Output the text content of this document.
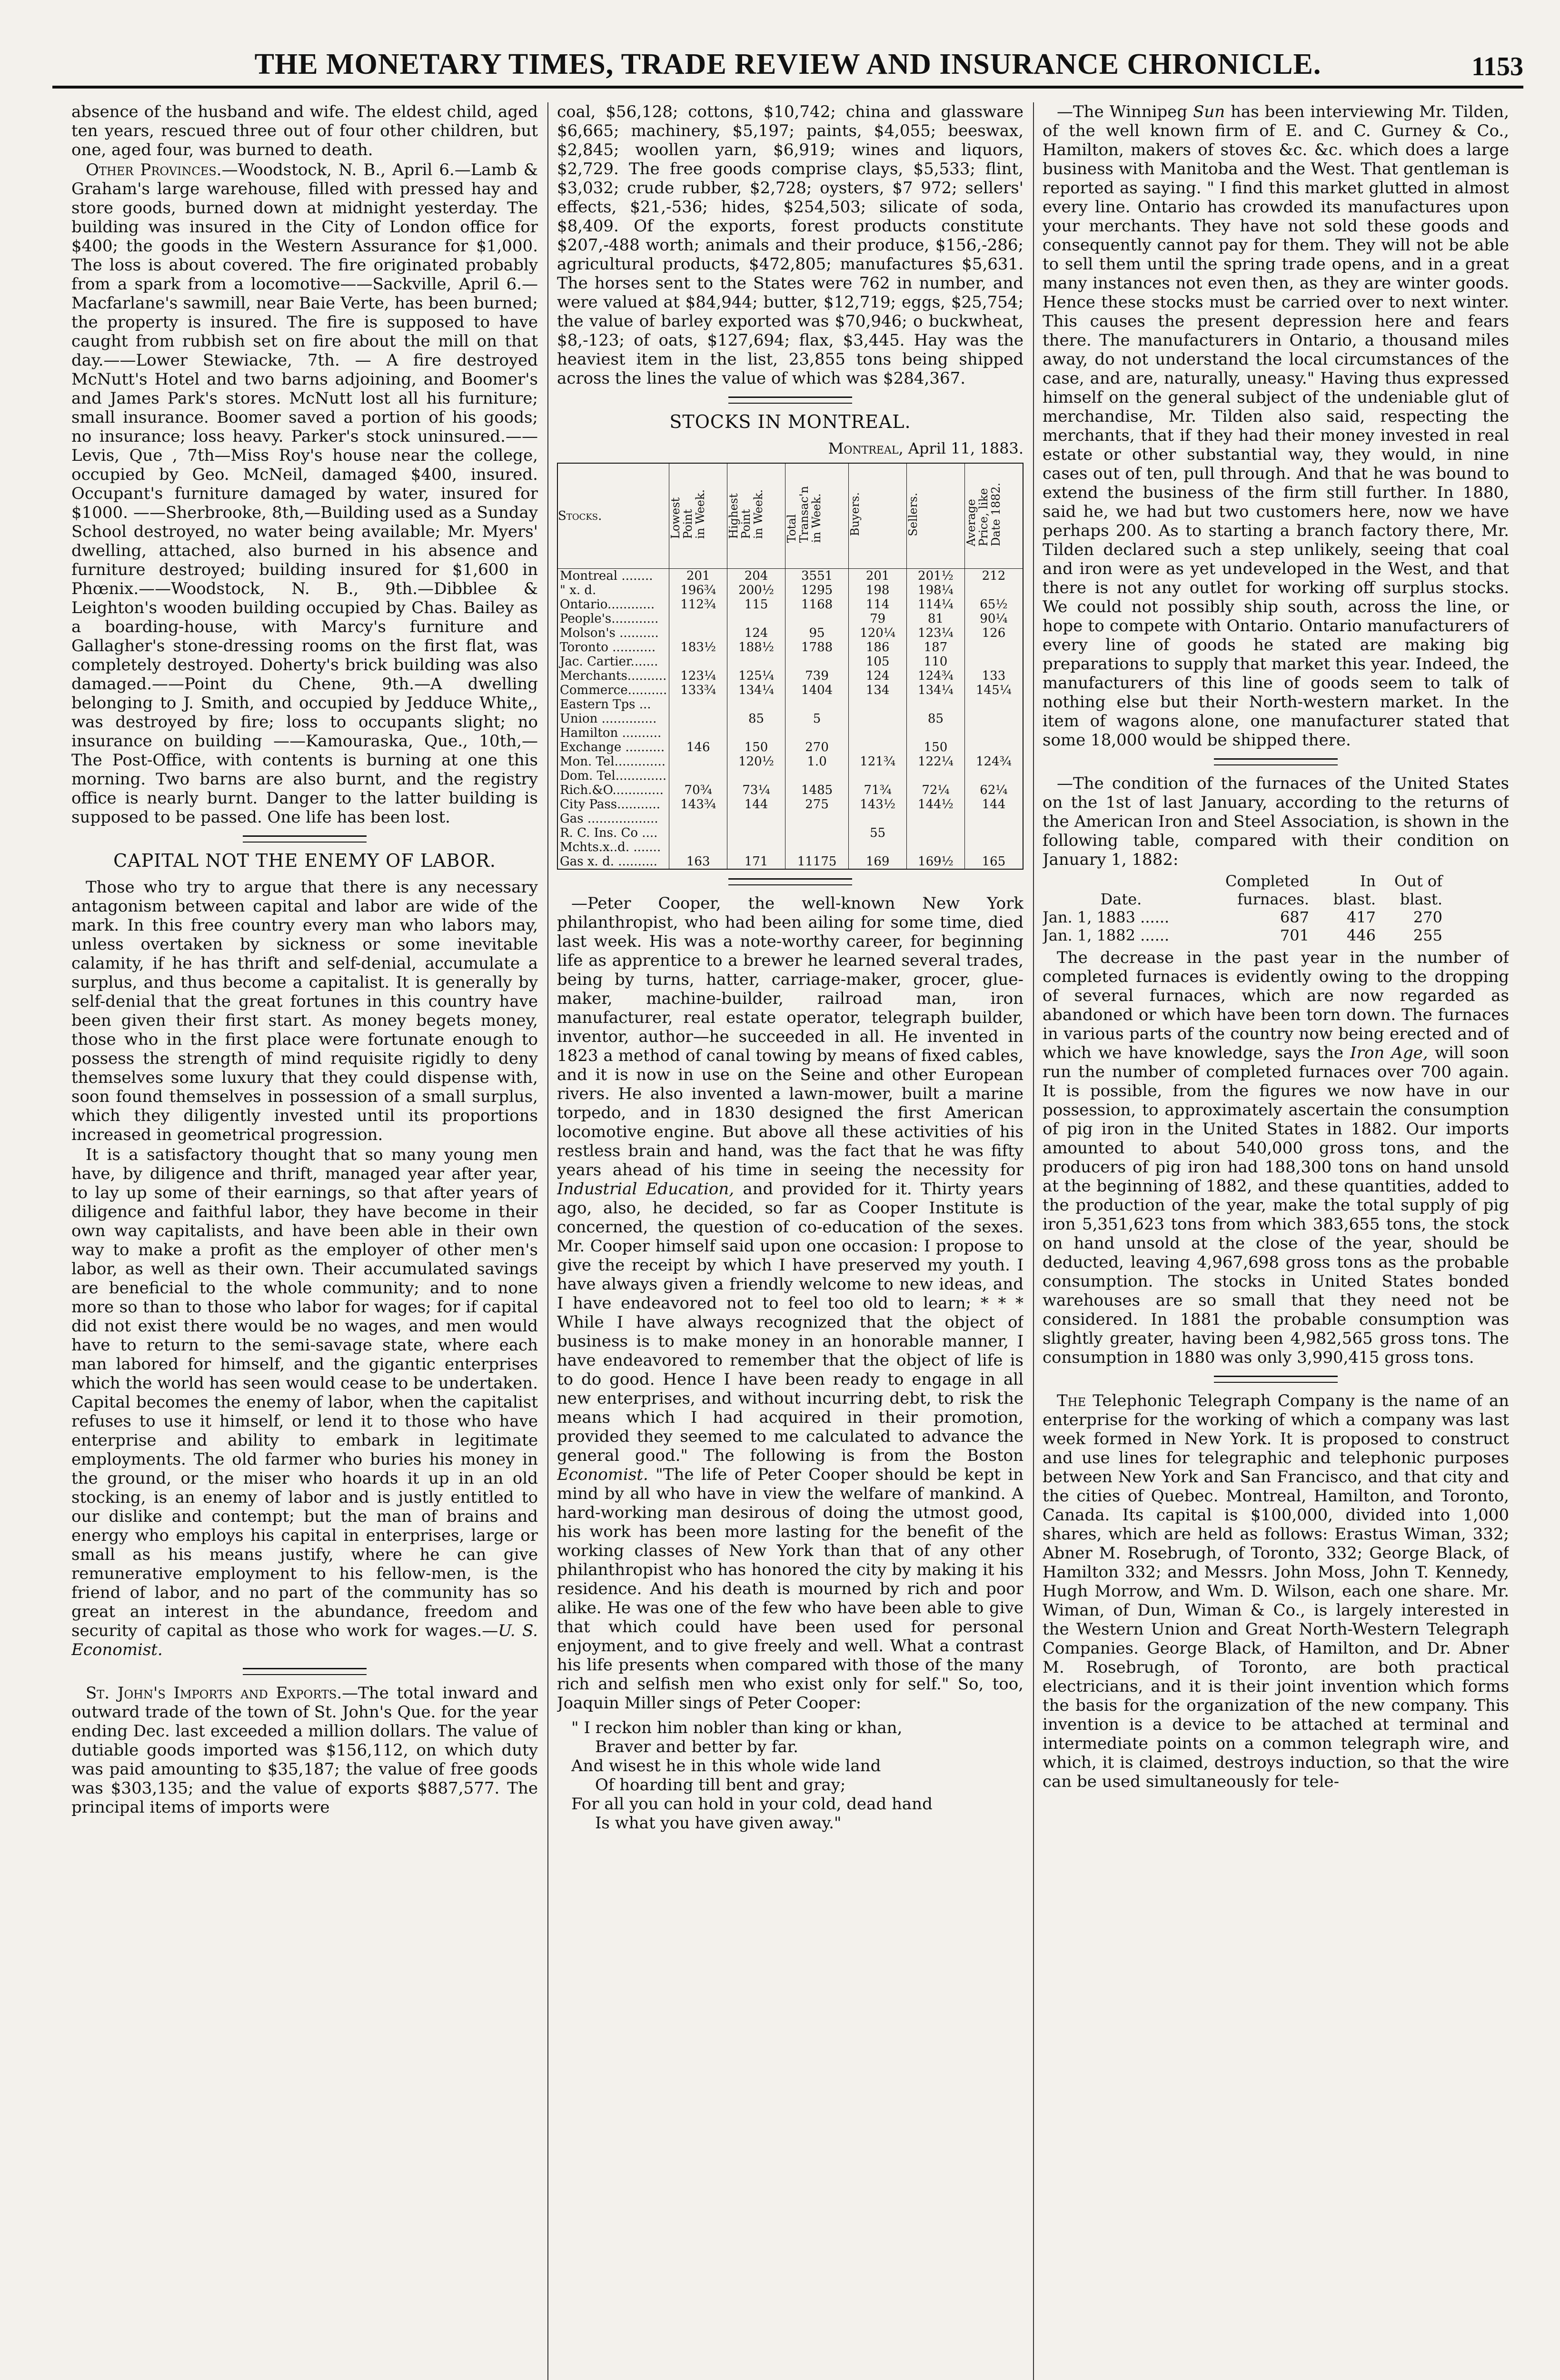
THE MONETARY TIMES, TRADE REVIEW AND INSURANCE CHRONICLE.	1153

absence of the husband and wife. The eldest child, aged ten years, rescued three out of four other children, but one, aged four, was burned to death.

Other Provinces.—Woodstock, N. B., April 6.—Lamb & Graham's large warehouse, filled with pressed hay and store goods, burned down at midnight yesterday. The building was insured in the City of London office for $400; the goods in the Western Assurance for $1,000. The loss is about covered. The fire originated probably from a spark from a locomotive——Sackville, April 6.—Macfarlane's sawmill, near Baie Verte, has been burned; the property is insured. The fire is supposed to have caught from rubbish set on fire about the mill on that day.——Lower Stewiacke, 7th. — A fire destroyed McNutt's Hotel and two barns adjoining, and Boomer's and James Park's stores. McNutt lost all his furniture; small insurance. Boomer saved a portion of his goods; no insurance; loss heavy. Parker's stock uninsured.——Levis, Que , 7th—Miss Roy's house near the college, occupied by Geo. McNeil, damaged $400, insured. Occupant's furniture damaged by water, insured for $1000. ——Sherbrooke, 8th,—Building used as a Sunday School destroyed, no water being available; Mr. Myers' dwelling, attached, also burned in his absence and furniture destroyed; building insured for $1,600 in Phœnix.——Woodstock, N. B., 9th.—Dibblee & Leighton's wooden building occupied by Chas. Bailey as a boarding-house, with Marcy's furniture and Gallagher's stone-dressing rooms on the first flat, was completely destroyed. Doherty's brick building was also damaged.——Point du Chene, 9th.—A dwelling belonging to J. Smith, and occupied by Jedduce White,, was destroyed by fire; loss to occupants slight; no insurance on building ——Kamouraska, Que., 10th,—The Post-Office, with contents is burning at one this morning. Two barns are also burnt, and the registry office is nearly burnt. Danger to the latter building is supposed to be passed. One life has been lost.

CAPITAL NOT THE ENEMY OF LABOR.

Those who try to argue that there is any necessary antagonism between capital and labor are wide of the mark. In this free country every man who labors may, unless overtaken by sickness or some inevitable calamity, if he has thrift and self-denial, accumulate a surplus, and thus become a capitalist. It is generally by self-denial that the great fortunes in this country have been given their first start. As money begets money, those who in the first place were fortunate enough to possess the strength of mind requisite rigidly to deny themselves some luxury that they could dispense with, soon found themselves in possession of a small surplus, which they diligently invested until its proportions increased in geometrical progression.

It is a satisfactory thought that so many young men have, by diligence and thrift, managed year after year, to lay up some of their earnings, so that after years of diligence and faithful labor, they have become in their own way capitalists, and have been able in their own way to make a profit as the employer of other men's labor, as well as their own. Their accumulated savings are beneficial to the whole community; and to none more so than to those who labor for wages; for if capital did not exist there would be no wages, and men would have to return to the semi-savage state, where each man labored for himself, and the gigantic enterprises which the world has seen would cease to be undertaken. Capital becomes the enemy of labor, when the capitalist refuses to use it himself, or lend it to those who have enterprise and ability to embark in legitimate employments. The old farmer who buries his money in the ground, or the miser who hoards it up in an old stocking, is an enemy of labor and is justly entitled to our dislike and contempt; but the man of brains and energy who employs his capital in enterprises, large or small as his means justify, where he can give remunerative employment to his fellow-men, is the friend of labor, and no part of the community has so great an interest in the abundance, freedom and security of capital as those who work for wages.—U. S. Economist.

St. John's Imports and Exports.—The total inward and outward trade of the town of St. John's Que. for the year ending Dec. last exceeded a million dollars. The value of dutiable goods imported was $156,112, on which duty was paid amounting to $35,187; the value of free goods was $303,135; and the value of exports $887,577. The principal items of imports were

coal, $56,128; cottons, $10,742; china and glassware $6,665; machinery, $5,197; paints, $4,055; beeswax, $2,845; woollen yarn, $6,919; wines and liquors, $2,729. The free goods comprise clays, $5,533; flint, $3,032; crude rubber, $2,728; oysters, $7 972; sellers' effects, $21,-536; hides, $254,503; silicate of soda, $8,409. Of the exports, forest products constitute $207,-488 worth; animals and their produce, $156,-286; agricultural products, $472,805; manufactures $5,631. The horses sent to the States were 762 in number, and were valued at $84,944; butter, $12,719; eggs, $25,754; the value of barley exported was $70,946; o buckwheat, $8,-123; of oats, $127,694; flax, $3,445. Hay was the heaviest item in the list, 23,855 tons being shipped across the lines the value of which was $284,367.

STOCKS IN MONTREAL.
Montreal, April 11, 1883.
Stocks.	Lowest
Point
in Week.	Highest
Point
in Week.	Total
Transac'n
in Week.	Buyers.	Sellers.	Average
Price, like
Date 1882.
Montreal ........	201	204	3551	201	201½	212
" x. d.	196¾	200½	1295	198	198¼	
Ontario............	112¾	115	1168	114	114¼	65½
People's............				79	81	90¼
Molson's ..........		124	95	120¼	123¼	126
Toronto ...........	183½	188½	1788	186	187	
Jac. Cartier.......				105	110	
Merchants..........	123¼	125¼	739	124	124¾	133
Commerce..........	133¾	134¼	1404	134	134¼	145¼
Eastern Tps ...						
Union ..............		85	5		85	
Hamilton ..........						
Exchange ..........	146	150	270		150	
Mon. Tel.............		120½	1.0	121¾	122¼	124¾
Dom. Tel.............						
Rich.&O.............	70¾	73¼	1485	71¾	72¼	62¼
City Pass...........	143¾	144	275	143½	144½	144
Gas ..................						
R. C. Ins. Co ....				55		
Mchts.x..d. .......						
Gas x. d. ..........	163	171	11175	169	169½	165

—Peter Cooper, the well-known New York philanthropist, who had been ailing for some time, died last week. His was a note-worthy career, for beginning life as apprentice to a brewer he learned several trades, being by turns, hatter, carriage-maker, grocer, glue-maker, machine-builder, railroad man, iron manufacturer, real estate operator, telegraph builder, inventor, author—he succeeded in all. He invented in 1823 a method of canal towing by means of fixed cables, and it is now in use on the Seine and other European rivers. He also invented a lawn-mower, built a marine torpedo, and in 1830 designed the first American locomotive engine. But above all these activities of his restless brain and hand, was the fact that he was fifty years ahead of his time in seeing the necessity for Industrial Education, and provided for it. Thirty years ago, also, he decided, so far as Cooper Institute is concerned, the question of co-education of the sexes. Mr. Cooper himself said upon one occasion: I propose to give the receipt by which I have preserved my youth. I have always given a friendly welcome to new ideas, and I have endeavored not to feel too old to learn; * * * While I have always recognized that the object of business is to make money in an honorable manner, I have endeavored to remember that the object of life is to do good. Hence I have been ready to engage in all new enterprises, and without incurring debt, to risk the means which I had acquired in their promotion, provided they seemed to me calculated to advance the general good." The following is from the Boston Economist. "The life of Peter Cooper should be kept in mind by all who have in view the welfare of mankind. A hard-working man desirous of doing the utmost good, his work has been more lasting for the benefit of the working classes of New York than that of any other philanthropist who has honored the city by making it his residence. And his death is mourned by rich and poor alike. He was one of the few who have been able to give that which could have been used for personal enjoyment, and to give freely and well. What a contrast his life presents when compared with those of the many rich and selfish men who exist only for self." So, too, Joaquin Miller sings of Peter Cooper:

" I reckon him nobler than king or khan,
Braver and better by far.
And wisest he in this whole wide land
Of hoarding till bent and gray;
For all you can hold in your cold, dead hand
Is what you have given away."

—The Winnipeg Sun has been interviewing Mr. Tilden, of the well known firm of E. and C. Gurney & Co., Hamilton, makers of stoves &c. &c. which does a large business with Manitoba and the West. That gentleman is reported as saying. " I find this market glutted in almost every line. Ontario has crowded its manufactures upon your merchants. They have not sold these goods and consequently cannot pay for them. They will not be able to sell them until the spring trade opens, and in a great many instances not even then, as they are winter goods. Hence these stocks must be carried over to next winter. This causes the present depression here and fears there. The manufacturers in Ontario, a thousand miles away, do not understand the local circumstances of the case, and are, naturally, uneasy." Having thus expressed himself on the general subject of the undeniable glut of merchandise, Mr. Tilden also said, respecting the merchants, that if they had their money invested in real estate or other substantial way, they would, in nine cases out of ten, pull through. And that he was bound to extend the business of the firm still further. In 1880, said he, we had but two customers here, now we have perhaps 200. As to starting a branch factory there, Mr. Tilden declared such a step unlikely, seeing that coal and iron were as yet undeveloped in the West, and that there is not any outlet for working off surplus stocks. We could not possibly ship south, across the line, or hope to compete with Ontario. Ontario manufacturers of every line of goods he stated are making big preparations to supply that market this year. Indeed, the manufacturers of this line of goods seem to talk of nothing else but their North-western market. In the item of wagons alone, one manufacturer stated that some 18,000 would be shipped there.

—The condition of the furnaces of the United States on the 1st of last January, according to the returns of the American Iron and Steel Association, is shown in the following table, compared with their condition on January 1, 1882:

Completed	In	Out of
Date.	furnaces.	blast.	blast.
Jan. 1, 1883 ......	687	417	270
Jan. 1, 1882 ......	701	446	255

The decrease in the past year in the number of completed furnaces is evidently owing to the dropping of several furnaces, which are now regarded as abandoned or which have been torn down. The furnaces in various parts of the country now being erected and of which we have knowledge, says the Iron Age, will soon run the number of completed furnaces over 700 again. It is possible, from the figures we now have in our possession, to approximately ascertain the consumption of pig iron in the United States in 1882. Our imports amounted to about 540,000 gross tons, and the producers of pig iron had 188,300 tons on hand unsold at the beginning of 1882, and these quantities, added to the production of the year, make the total supply of pig iron 5,351,623 tons from which 383,655 tons, the stock on hand unsold at the close of the year, should be deducted, leaving 4,967,698 gross tons as the probable consumption. The stocks in United States bonded warehouses are so small that they need not be considered. In 1881 the probable consumption was slightly greater, having been 4,982,565 gross tons. The consumption in 1880 was only 3,990,415 gross tons.

The Telephonic Telegraph Company is the name of an enterprise for the working of which a company was last week formed in New York. It is proposed to construct and use lines for telegraphic and telephonic purposes between New York and San Francisco, and that city and the cities of Quebec. Montreal, Hamilton, and Toronto, Canada. Its capital is $100,000, divided into 1,000 shares, which are held as follows: Erastus Wiman, 332; Abner M. Rosebrugh, of Toronto, 332; George Black, of Hamilton 332; and Messrs. John Moss, John T. Kennedy, Hugh Morrow, and Wm. D. Wilson, each one share. Mr. Wiman, of Dun, Wiman & Co., is largely interested in the Western Union and Great North-Western Telegraph Companies. George Black, of Hamilton, and Dr. Abner M. Rosebrugh, of Toronto, are both practical electricians, and it is their joint invention which forms the basis for the organization of the new company. This invention is a device to be attached at terminal and intermediate points on a common telegraph wire, and which, it is claimed, destroys induction, so that the wire can be used simultaneously for tele-
